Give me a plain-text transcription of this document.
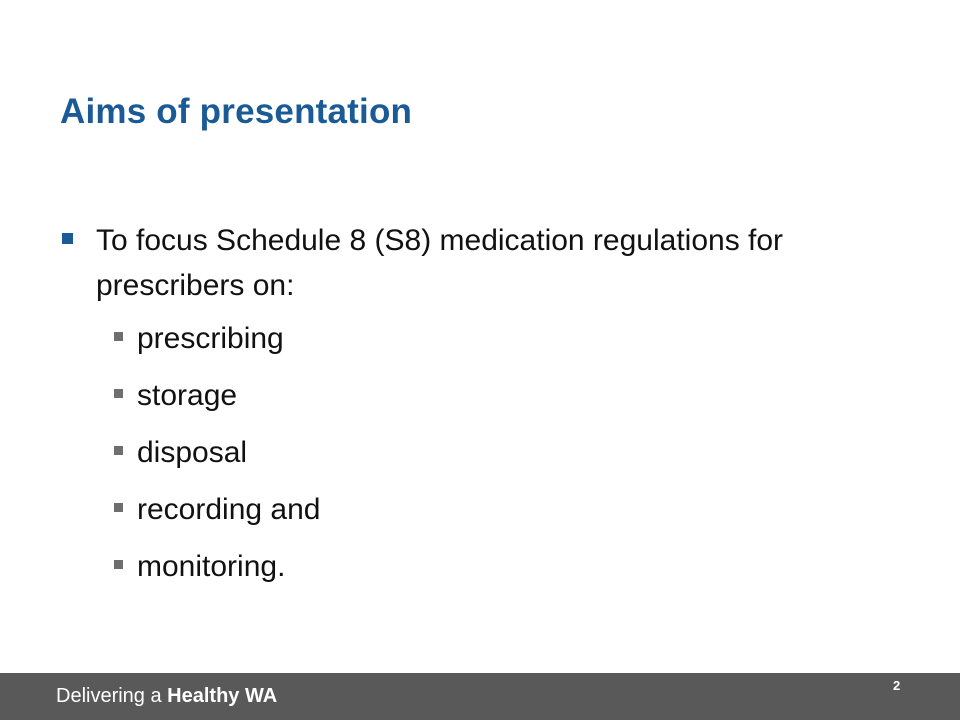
Aims of presentation
To focus Schedule 8 (S8) medication regulations for prescribers on:
prescribing
storage
disposal
recording and
monitoring.
Delivering a Healthy WA	2
